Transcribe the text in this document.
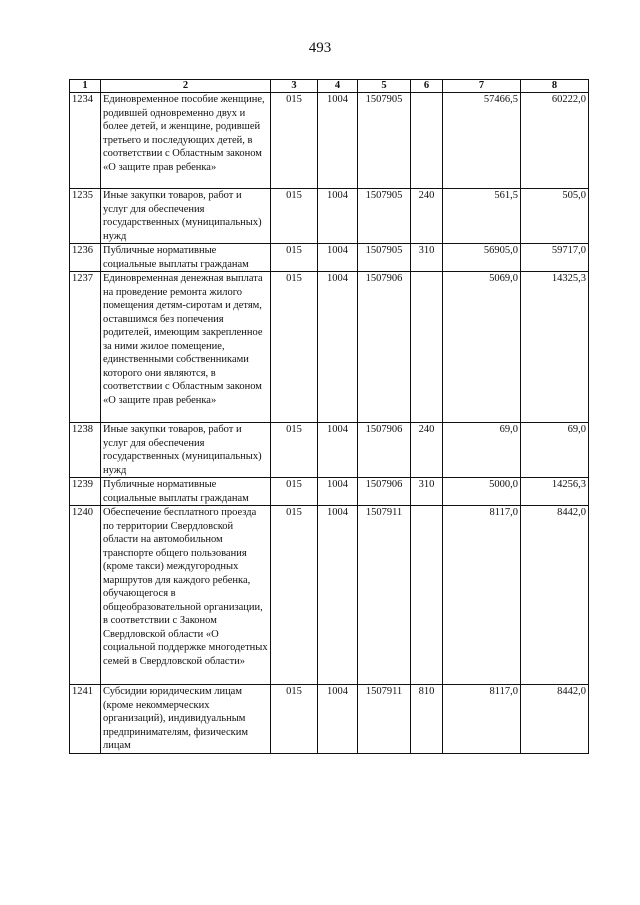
493
1	2	3	4	5	6	7	8
1234	Единовременное пособие женщине, родившей одновременно двух и более детей, и женщине, родившей третьего и последующих детей, в соответствии с Областным законом «О защите прав ребенка»	015	1004	1507905		57466,5	60222,0
1235	Иные закупки товаров, работ и услуг для обеспечения государственных (муниципальных) нужд	015	1004	1507905	240	561,5	505,0
1236	Публичные нормативные социальные выплаты гражданам	015	1004	1507905	310	56905,0	59717,0
1237	Единовременная денежная выплата на проведение ремонта жилого помещения детям-сиротам и детям, оставшимся без попечения родителей, имеющим закрепленное за ними жилое помещение, единственными собственниками которого они являются, в соответствии с Областным законом «О защите прав ребенка»	015	1004	1507906		5069,0	14325,3
1238	Иные закупки товаров, работ и услуг для обеспечения государственных (муниципальных) нужд	015	1004	1507906	240	69,0	69,0
1239	Публичные нормативные социальные выплаты гражданам	015	1004	1507906	310	5000,0	14256,3
1240	Обеспечение бесплатного проезда по территории Свердловской области на автомобильном транспорте общего пользования (кроме такси) междугородных маршрутов для каждого ребенка, обучающегося в общеобразовательной организации, в соответствии с Законом Свердловской области «О социальной поддержке многодетных семей в Свердловской области»	015	1004	1507911		8117,0	8442,0
1241	Субсидии юридическим лицам (кроме некоммерческих организаций), индивидуальным предпринимателям, физическим лицам	015	1004	1507911	810	8117,0	8442,0
